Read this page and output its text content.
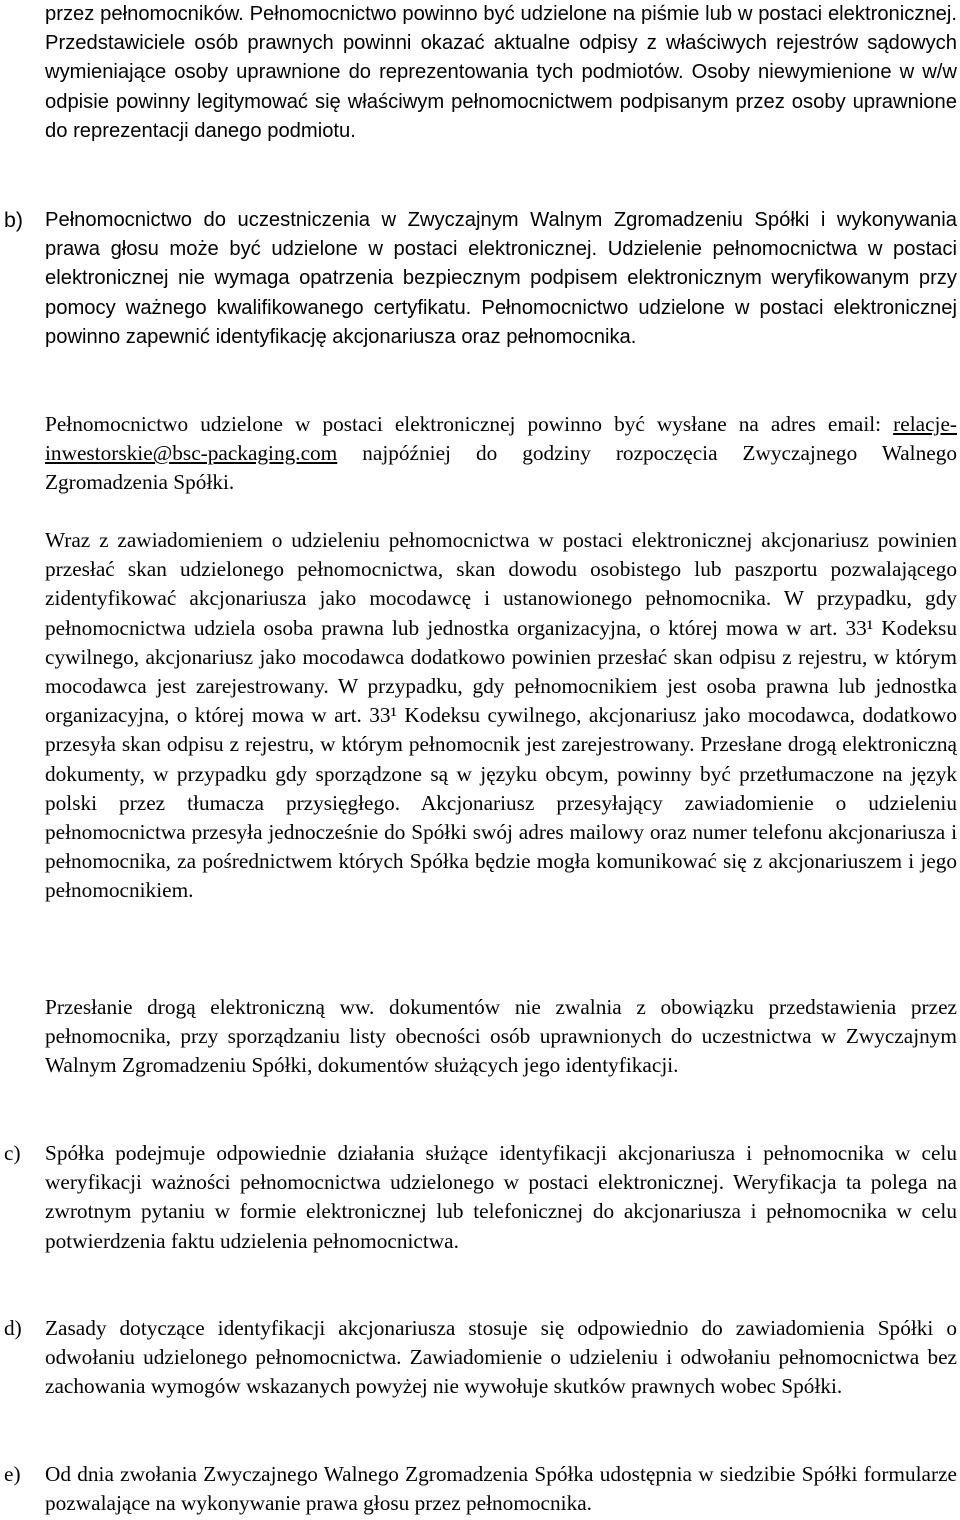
przez pełnomocników. Pełnomocnictwo powinno być udzielone na piśmie lub w postaci elektronicznej. Przedstawiciele osób prawnych powinni okazać aktualne odpisy z właściwych rejestrów sądowych wymieniające osoby uprawnione do reprezentowania tych podmiotów. Osoby niewymienione w w/w odpisie powinny legitymować się właściwym pełnomocnictwem podpisanym przez osoby uprawnione do reprezentacji danego podmiotu.

b) Pełnomocnictwo do uczestniczenia w Zwyczajnym Walnym Zgromadzeniu Spółki i wykonywania prawa głosu może być udzielone w postaci elektronicznej. Udzielenie pełnomocnictwa w postaci elektronicznej nie wymaga opatrzenia bezpiecznym podpisem elektronicznym weryfikowanym przy pomocy ważnego kwalifikowanego certyfikatu. Pełnomocnictwo udzielone w postaci elektronicznej powinno zapewnić identyfikację akcjonariusza oraz pełnomocnika.

Pełnomocnictwo udzielone w postaci elektronicznej powinno być wysłane na adres email: relacje-inwestorskie@bsc-packaging.com najpóźniej do godziny rozpoczęcia Zwyczajnego Walnego Zgromadzenia Spółki.

Wraz z zawiadomieniem o udzieleniu pełnomocnictwa w postaci elektronicznej akcjonariusz powinien przesłać skan udzielonego pełnomocnictwa, skan dowodu osobistego lub paszportu pozwalającego zidentyfikować akcjonariusza jako mocodawcę i ustanowionego pełnomocnika. W przypadku, gdy pełnomocnictwa udziela osoba prawna lub jednostka organizacyjna, o której mowa w art. 33¹ Kodeksu cywilnego, akcjonariusz jako mocodawca dodatkowo powinien przesłać skan odpisu z rejestru, w którym mocodawca jest zarejestrowany. W przypadku, gdy pełnomocnikiem jest osoba prawna lub jednostka organizacyjna, o której mowa w art. 33¹ Kodeksu cywilnego, akcjonariusz jako mocodawca, dodatkowo przesyła skan odpisu z rejestru, w którym pełnomocnik jest zarejestrowany. Przesłane drogą elektroniczną dokumenty, w przypadku gdy sporządzone są w języku obcym, powinny być przetłumaczone na język polski przez tłumacza przysięgłego. Akcjonariusz przesyłający zawiadomienie o udzieleniu pełnomocnictwa przesyła jednocześnie do Spółki swój adres mailowy oraz numer telefonu akcjonariusza i pełnomocnika, za pośrednictwem których Spółka będzie mogła komunikować się z akcjonariuszem i jego pełnomocnikiem.

Przesłanie drogą elektroniczną ww. dokumentów nie zwalnia z obowiązku przedstawienia przez pełnomocnika, przy sporządzaniu listy obecności osób uprawnionych do uczestnictwa w Zwyczajnym Walnym Zgromadzeniu Spółki, dokumentów służących jego identyfikacji.

c) Spółka podejmuje odpowiednie działania służące identyfikacji akcjonariusza i pełnomocnika w celu weryfikacji ważności pełnomocnictwa udzielonego w postaci elektronicznej. Weryfikacja ta polega na zwrotnym pytaniu w formie elektronicznej lub telefonicznej do akcjonariusza i pełnomocnika w celu potwierdzenia faktu udzielenia pełnomocnictwa.

d) Zasady dotyczące identyfikacji akcjonariusza stosuje się odpowiednio do zawiadomienia Spółki o odwołaniu udzielonego pełnomocnictwa. Zawiadomienie o udzieleniu i odwołaniu pełnomocnictwa bez zachowania wymogów wskazanych powyżej nie wywołuje skutków prawnych wobec Spółki.

e) Od dnia zwołania Zwyczajnego Walnego Zgromadzenia Spółka udostępnia w siedzibie Spółki formularze pozwalające na wykonywanie prawa głosu przez pełnomocnika.
